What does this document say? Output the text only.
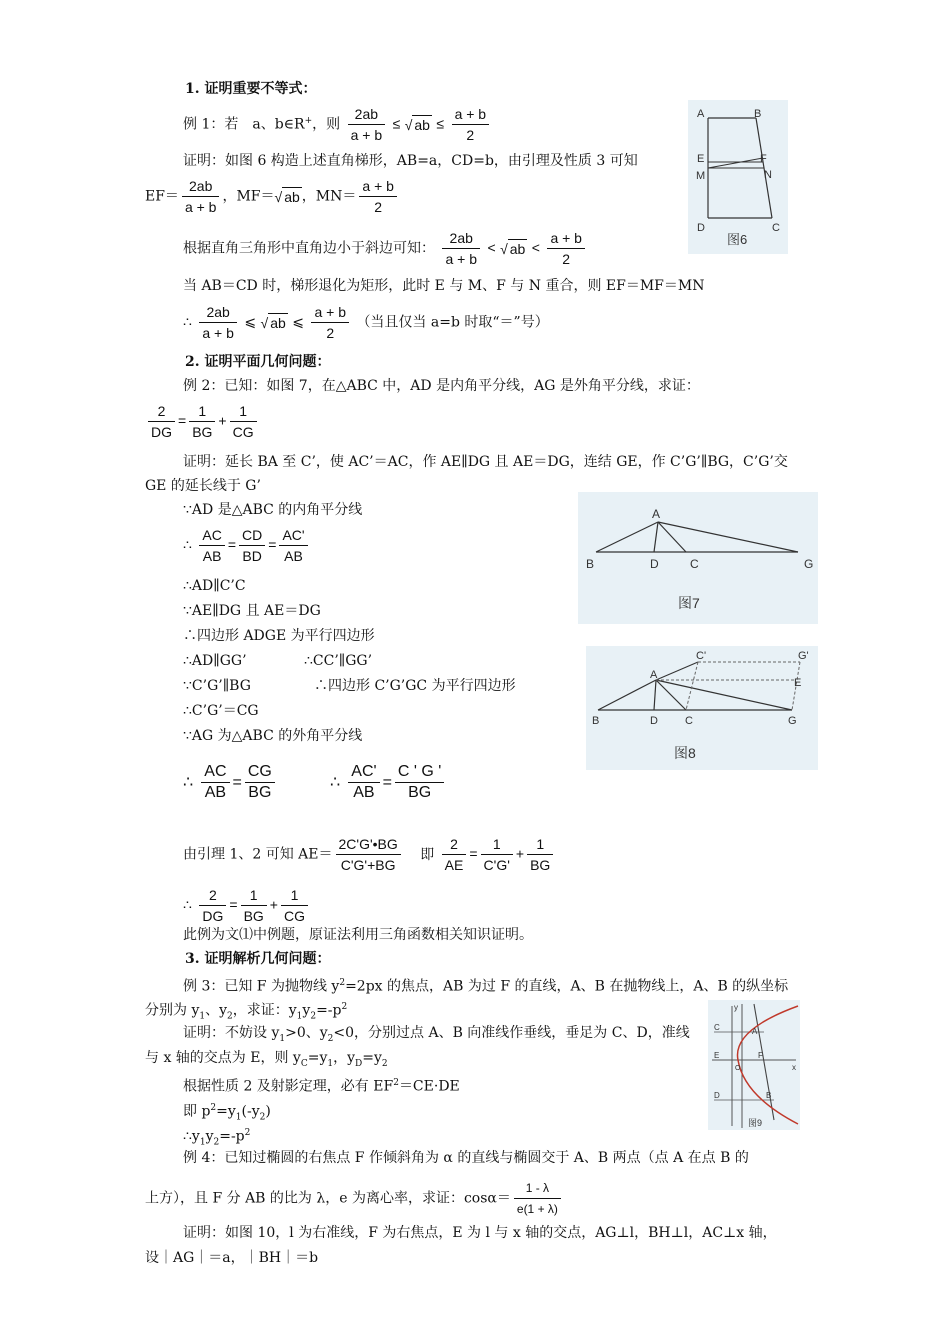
1. 证明重要不等式：
例 1：若　a、b∈R+，则 $\frac{2ab}{a + b}$ ≤ √ ab ≤ $\frac{a + b}{2}$
证明：如图 6 构造上述直角梯形，AB=a，CD=b，由引理及性质 3 可知
$EF= \frac{2ab}{a + b}$ ，MF＝√ ab ，$MN= \frac{a + b}{2}$
根据直角三角形中直角边小于斜边可知： $\frac{2ab}{a + b}$ < √ ab < $\frac{a + b}{2}$
当 AB＝CD 时，梯形退化为矩形，此时 E 与 M、F 与 N 重合，则 EF＝MF＝MN
∴ $\frac{2ab}{a + b}$ ⩽ √ ab ⩽ $\frac{a + b}{2}$ （当且仅当 a=b 时取“＝”号）
A	B
E	F
M	N
D	C
图6
2. 证明平面几何问题：
例 2：已知：如图 7，在△ABC 中，AD 是内角平分线，AG 是外角平分线，求证：
$\frac{2}{DG} = \frac{1}{BG} + \frac{1}{CG}$
证明：延长 BA 至 C’，使 AC’＝AC，作 AE∥DG 且 AE＝DG，连结 GE，作 C’G’∥BG，C’G’交
GE 的延长线于 G’
∵AD 是△ABC 的内角平分线
∴ $\frac{AC}{AB} = \frac{CD}{BD} = \frac{AC'}{AB}$
∴AD∥C’C
∵AE∥DG 且 AE＝DG
∴四边形 ADGE 为平行四边形
∴AD∥GG’	∴CC’∥GG’
∵C’G’∥BG	∴四边形 C’G’GC 为平行四边形
∴C’G’＝CG
∵AG 为△ABC 的外角平分线
∴ $\frac{AC}{AB} = \frac{CG}{BG}$	∴ $\frac{AC'}{AB} = \frac{C ' G '}{BG}$
由引理 1、2 可知 $AE= \frac{2C'G'•BG}{C'G'+BG}$ 即 $\frac{2}{AE} = \frac{1}{C'G'} + \frac{1}{BG}$
∴ $\frac{2}{DG} = \frac{1}{BG} + \frac{1}{CG}$
此例为文⑴中例题，原证法利用三角函数相关知识证明。
A
B	D	C	G
图7
C'	G'
A
E
B	D C	G
图8
3. 证明解析几何问题：
例 3：已知 F 为抛物线 $y^2=2px$ 的焦点，AB 为过 F 的直线，A、B 在抛物线上，A、B 的纵坐标
分别为 $y_1$、$y_2$，求证：$y_1y_2=-p^2$
证明：不妨设 $y_1>0$、$y_2<0$，分别过点 A、B 向准线作垂线，垂足为 C、D，准线
与 x 轴的交点为 E，则 $y_C=y_1$，$y_D=y_2$
根据性质 2 及射影定理，必有 $EF^2=CE\cdot DE$
即 $p^2=y_1(-y_2)$
$\therefore y_1y_2=-p^2$
例 4：已知过椭圆的右焦点 F 作倾斜角为 α 的直线与椭圆交于 A、B 两点（点 A 在点 B 的
上方），且 F 分 AB 的比为 λ，e 为离心率，求证：$\cos\alpha= \frac{1 - \lambda}{e(1 + \lambda)}$
证明：如图 10，l 为右准线，F 为右焦点，E 为 l 与 x 轴的交点，AG⊥l，BH⊥l，AC⊥x 轴，
设｜AG｜＝a，｜BH｜＝b
y
C	A
E	F
x
D	B
O
图9
